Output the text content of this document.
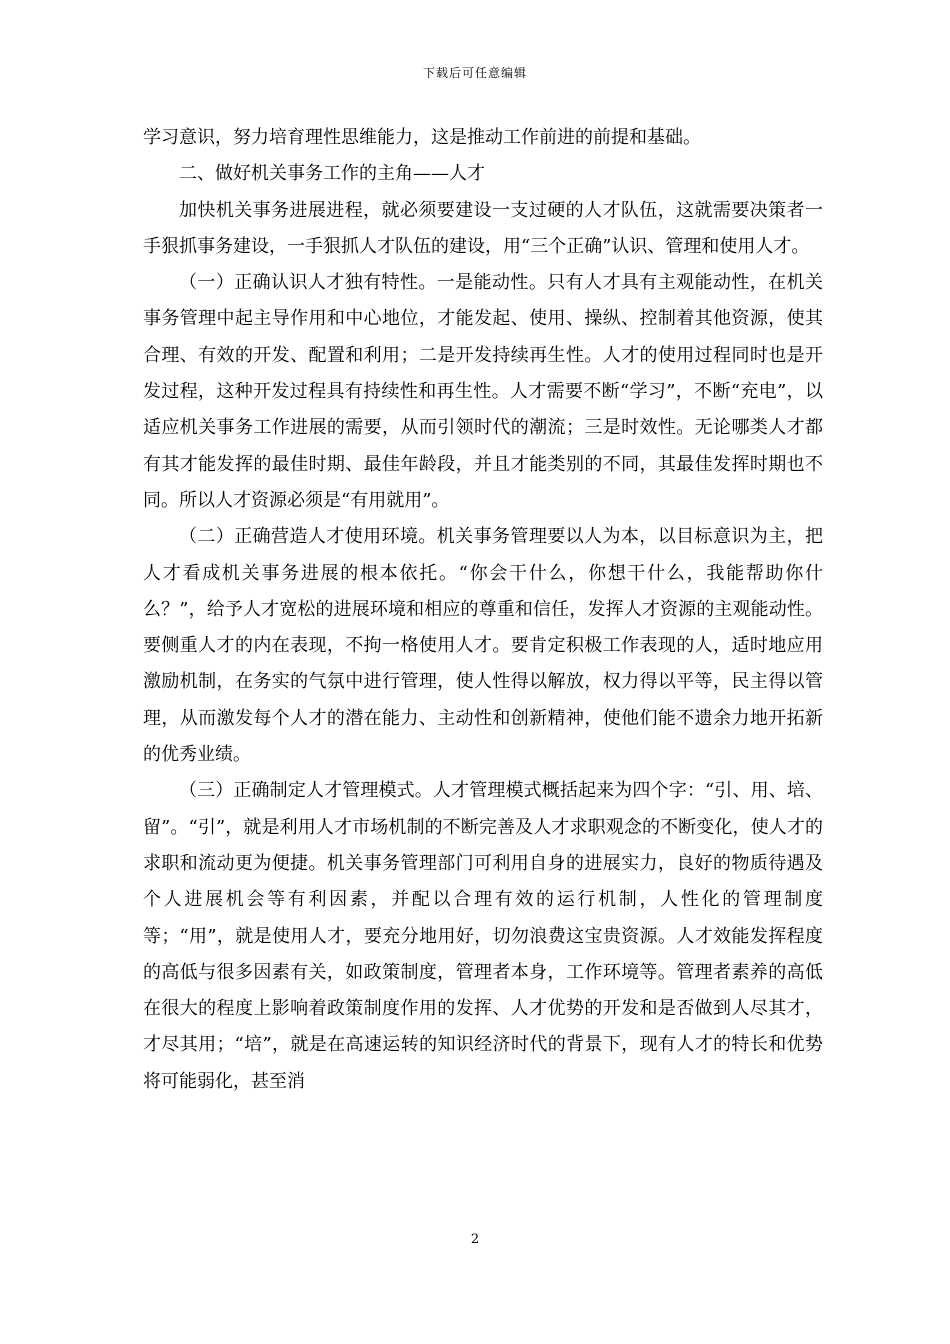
下载后可任意编辑

学习意识，努力培育理性思维能力，这是推动工作前进的前提和基础。

二、做好机关事务工作的主角——人才

加快机关事务进展进程，就必须要建设一支过硬的人才队伍，这就需要决策者一手狠抓事务建设，一手狠抓人才队伍的建设，用“三个正确”认识、管理和使用人才。

（一）正确认识人才独有特性。一是能动性。只有人才具有主观能动性，在机关事务管理中起主导作用和中心地位，才能发起、使用、操纵、控制着其他资源，使其合理、有效的开发、配置和利用；二是开发持续再生性。人才的使用过程同时也是开发过程，这种开发过程具有持续性和再生性。人才需要不断“学习”，不断“充电”，以适应机关事务工作进展的需要，从而引领时代的潮流；三是时效性。无论哪类人才都有其才能发挥的最佳时期、最佳年龄段，并且才能类别的不同，其最佳发挥时期也不同。所以人才资源必须是“有用就用”。

（二）正确营造人才使用环境。机关事务管理要以人为本，以目标意识为主，把人才看成机关事务进展的根本依托。“你会干什么，你想干什么，我能帮助你什么？”，给予人才宽松的进展环境和相应的尊重和信任，发挥人才资源的主观能动性。要侧重人才的内在表现，不拘一格使用人才。要肯定积极工作表现的人，适时地应用激励机制，在务实的气氛中进行管理，使人性得以解放，权力得以平等，民主得以管理，从而激发每个人才的潜在能力、主动性和创新精神，使他们能不遗余力地开拓新的优秀业绩。

（三）正确制定人才管理模式。人才管理模式概括起来为四个字：“引、用、培、留”。“引”，就是利用人才市场机制的不断完善及人才求职观念的不断变化，使人才的求职和流动更为便捷。机关事务管理部门可利用自身的进展实力，良好的物质待遇及个人进展机会等有利因素，并配以合理有效的运行机制，人性化的管理制度等；“用”，就是使用人才，要充分地用好，切勿浪费这宝贵资源。人才效能发挥程度的高低与很多因素有关，如政策制度，管理者本身，工作环境等。管理者素养的高低在很大的程度上影响着政策制度作用的发挥、人才优势的开发和是否做到人尽其才，才尽其用；“培”，就是在高速运转的知识经济时代的背景下，现有人才的特长和优势将可能弱化，甚至消

2
